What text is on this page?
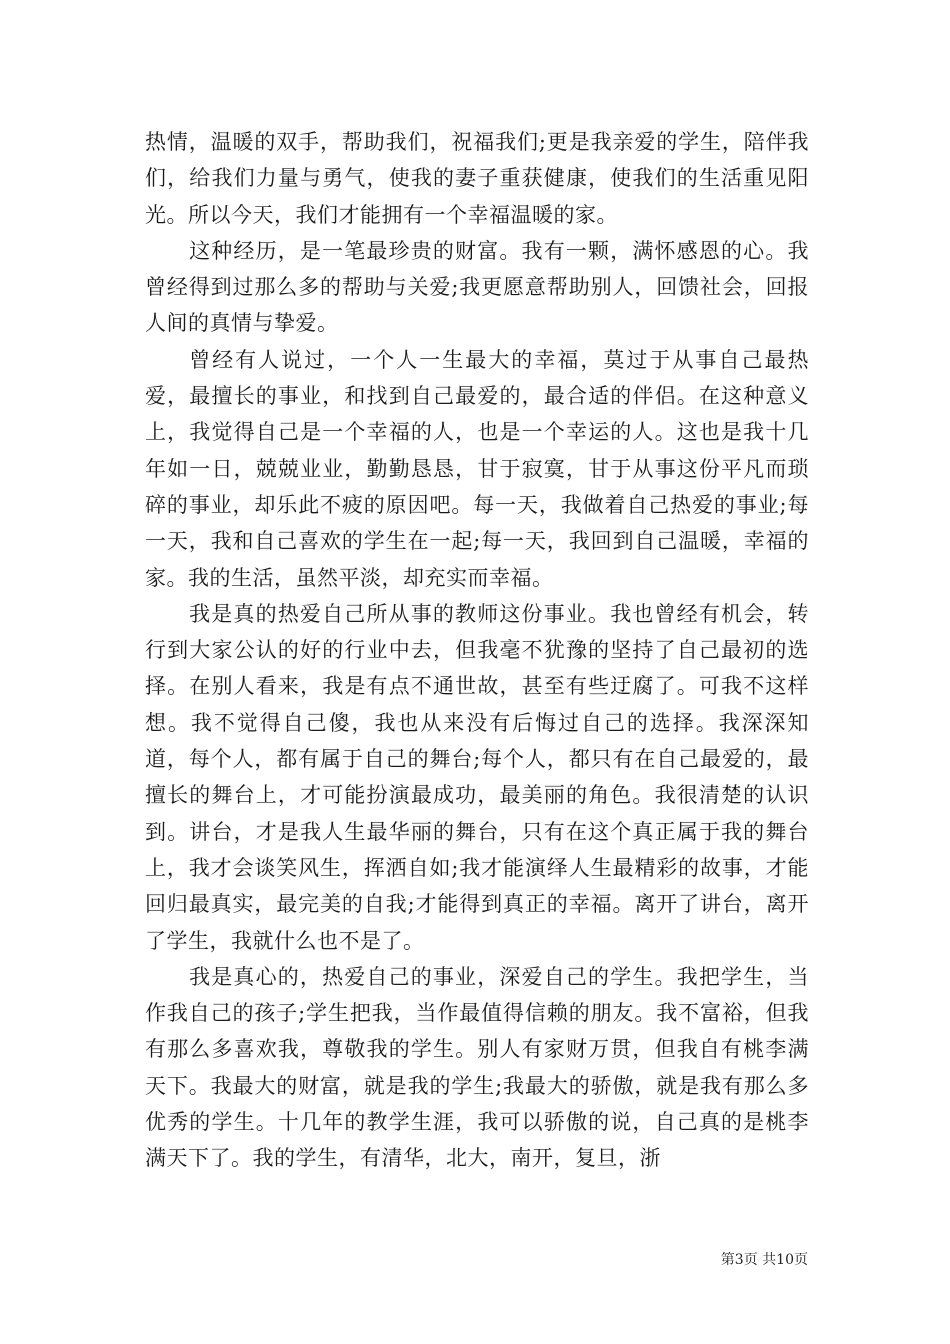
热情，温暖的双手，帮助我们，祝福我们;更是我亲爱的学生，陪伴我们，给我们力量与勇气，使我的妻子重获健康，使我们的生活重见阳光。所以今天，我们才能拥有一个幸福温暖的家。

这种经历，是一笔最珍贵的财富。我有一颗，满怀感恩的心。我曾经得到过那么多的帮助与关爱;我更愿意帮助别人，回馈社会，回报人间的真情与挚爱。

曾经有人说过，一个人一生最大的幸福，莫过于从事自己最热爱，最擅长的事业，和找到自己最爱的，最合适的伴侣。在这种意义上，我觉得自己是一个幸福的人，也是一个幸运的人。这也是我十几年如一日，兢兢业业，勤勤恳恳，甘于寂寞，甘于从事这份平凡而琐碎的事业，却乐此不疲的原因吧。每一天，我做着自己热爱的事业;每一天，我和自己喜欢的学生在一起;每一天，我回到自己温暖，幸福的家。我的生活，虽然平淡，却充实而幸福。

我是真的热爱自己所从事的教师这份事业。我也曾经有机会，转行到大家公认的好的行业中去，但我毫不犹豫的坚持了自己最初的选择。在别人看来，我是有点不通世故，甚至有些迂腐了。可我不这样想。我不觉得自己傻，我也从来没有后悔过自己的选择。我深深知道，每个人，都有属于自己的舞台;每个人，都只有在自己最爱的，最擅长的舞台上，才可能扮演最成功，最美丽的角色。我很清楚的认识到。讲台，才是我人生最华丽的舞台，只有在这个真正属于我的舞台上，我才会谈笑风生，挥洒自如;我才能演绎人生最精彩的故事，才能回归最真实，最完美的自我;才能得到真正的幸福。离开了讲台，离开了学生，我就什么也不是了。

我是真心的，热爱自己的事业，深爱自己的学生。我把学生，当作我自己的孩子;学生把我，当作最值得信赖的朋友。我不富裕，但我有那么多喜欢我，尊敬我的学生。别人有家财万贯，但我自有桃李满天下。我最大的财富，就是我的学生;我最大的骄傲，就是我有那么多优秀的学生。十几年的教学生涯，我可以骄傲的说，自己真的是桃李满天下了。我的学生，有清华，北大，南开，复旦，浙

第3页 共10页
